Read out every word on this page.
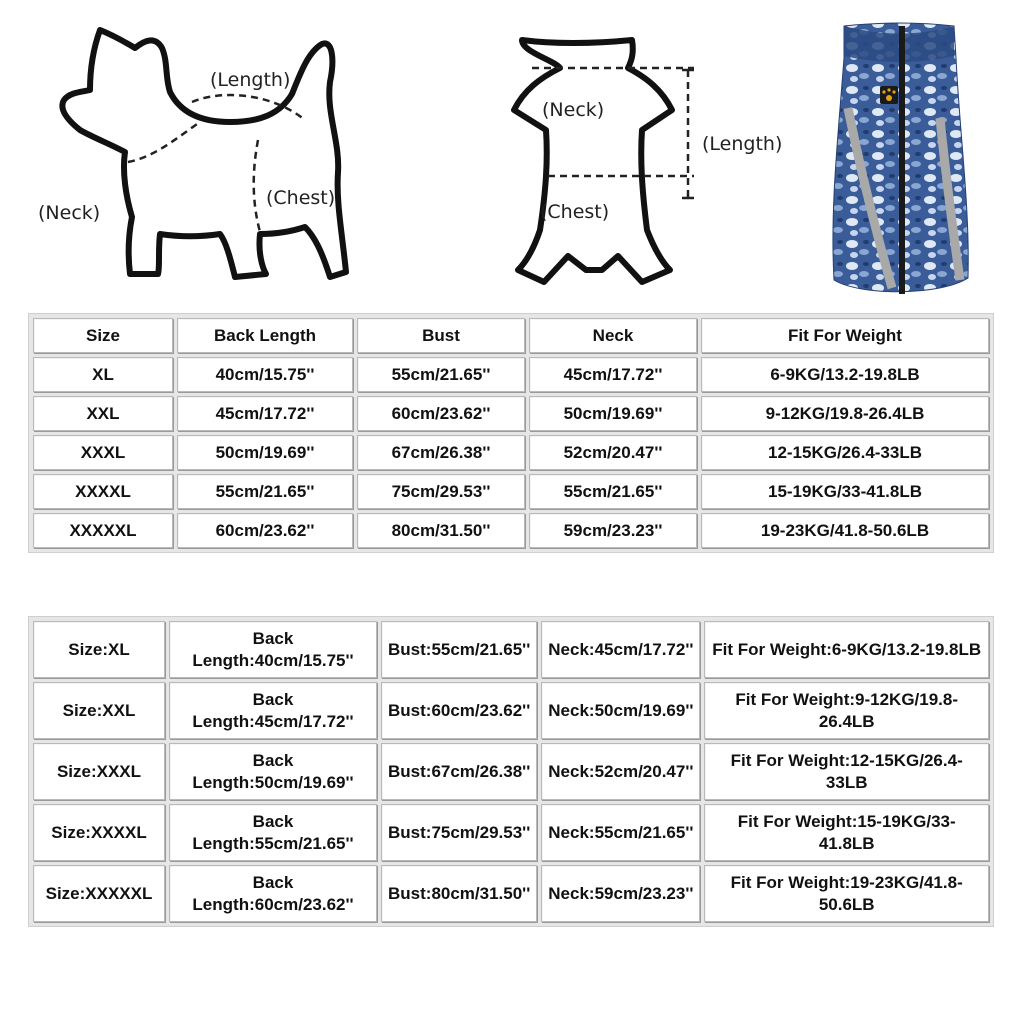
(Length)
(Neck)
(Chest)
(Neck)
(Length)
(Chest)
Size	Back Length	Bust	Neck	Fit For Weight
XL	40cm/15.75''	55cm/21.65''	45cm/17.72''	6-9KG/13.2-19.8LB
XXL	45cm/17.72''	60cm/23.62''	50cm/19.69''	9-12KG/19.8-26.4LB
XXXL	50cm/19.69''	67cm/26.38''	52cm/20.47''	12-15KG/26.4-33LB
XXXXL	55cm/21.65''	75cm/29.53''	55cm/21.65''	15-19KG/33-41.8LB
XXXXXL	60cm/23.62''	80cm/31.50''	59cm/23.23''	19-23KG/41.8-50.6LB
Size:XL	Back Length:40cm/15.75''	Bust:55cm/21.65''	Neck:45cm/17.72''	Fit For Weight:6-9KG/13.2-19.8LB
Size:XXL	Back Length:45cm/17.72''	Bust:60cm/23.62''	Neck:50cm/19.69''	Fit For Weight:9-12KG/19.8-26.4LB
Size:XXXL	Back Length:50cm/19.69''	Bust:67cm/26.38''	Neck:52cm/20.47''	Fit For Weight:12-15KG/26.4-33LB
Size:XXXXL	Back Length:55cm/21.65''	Bust:75cm/29.53''	Neck:55cm/21.65''	Fit For Weight:15-19KG/33-41.8LB
Size:XXXXXL	Back Length:60cm/23.62''	Bust:80cm/31.50''	Neck:59cm/23.23''	Fit For Weight:19-23KG/41.8-50.6LB
